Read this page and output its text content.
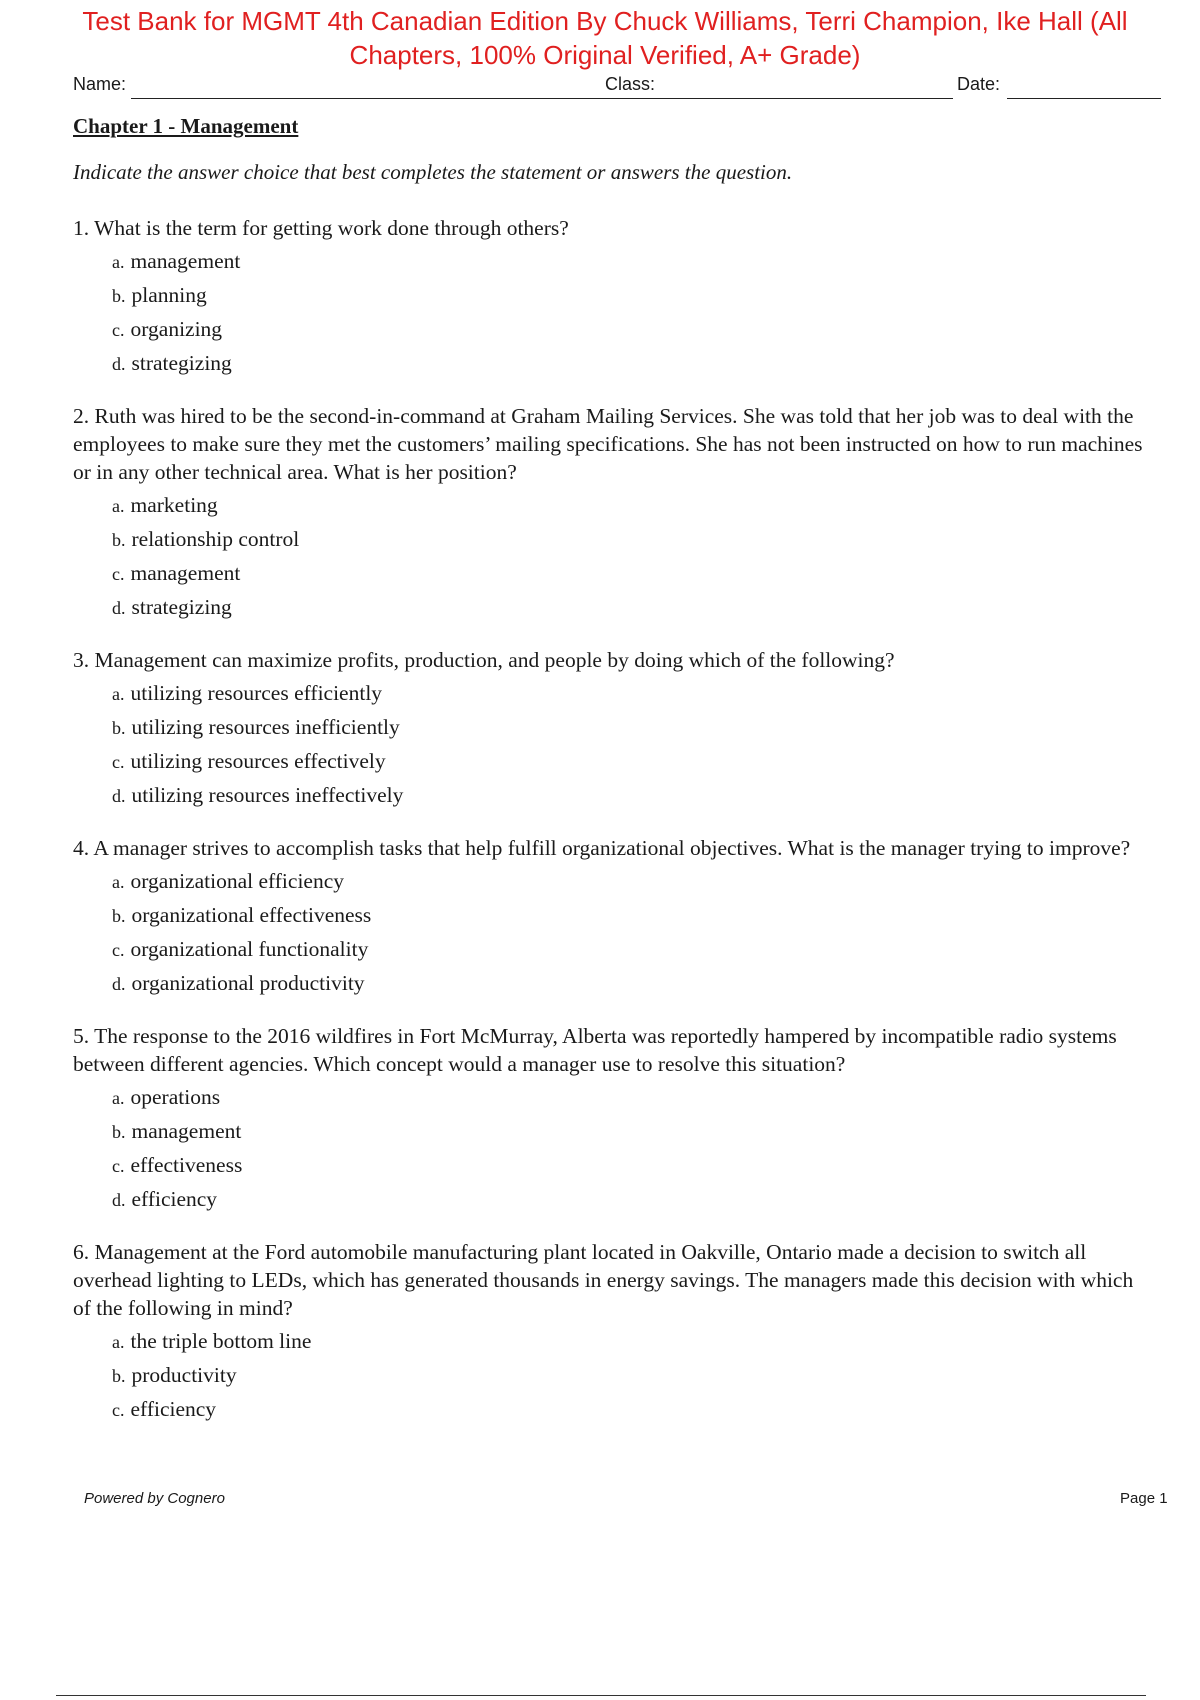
Test Bank for MGMT 4th Canadian Edition By Chuck Williams, Terri Champion, Ike Hall (All Chapters, 100% Original Verified, A+ Grade)
Name:	Class:	Date:
Chapter 1 - Management
Indicate the answer choice that best completes the statement or answers the question.
1. What is the term for getting work done through others?
a. management
b. planning
c. organizing
d. strategizing
2. Ruth was hired to be the second-in-command at Graham Mailing Services. She was told that her job was to deal with the employees to make sure they met the customers’ mailing specifications. She has not been instructed on how to run machines or in any other technical area. What is her position?
a. marketing
b. relationship control
c. management
d. strategizing
3. Management can maximize profits, production, and people by doing which of the following?
a. utilizing resources efficiently
b. utilizing resources inefficiently
c. utilizing resources effectively
d. utilizing resources ineffectively
4. A manager strives to accomplish tasks that help fulfill organizational objectives. What is the manager trying to improve?
a. organizational efficiency
b. organizational effectiveness
c. organizational functionality
d. organizational productivity
5. The response to the 2016 wildfires in Fort McMurray, Alberta was reportedly hampered by incompatible radio systems between different agencies. Which concept would a manager use to resolve this situation?
a. operations
b. management
c. effectiveness
d. efficiency
6. Management at the Ford automobile manufacturing plant located in Oakville, Ontario made a decision to switch all overhead lighting to LEDs, which has generated thousands in energy savings. The managers made this decision with which of the following in mind?
a. the triple bottom line
b. productivity
c. efficiency
Powered by Cognero	Page 1
